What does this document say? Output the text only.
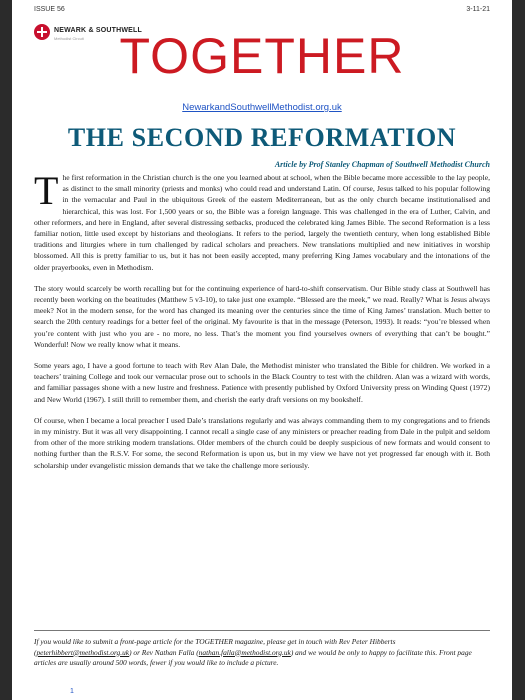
ISSUE 56	3-11-21
NEWARK & SOUTHWELL
Methodist Circuit TOGETHER
NewarkandSouthwellMethodist.org.uk
THE SECOND REFORMATION
Article by Prof Stanley Chapman of Southwell Methodist Church

The first reformation in the Christian church is the one you learned about at school, when the Bible became more accessible to the lay people, as distinct to the small minority (priests and monks) who could read and understand Latin. Of course, Jesus talked to his popular following in the vernacular and Paul in the ubiquitous Greek of the eastern Mediterranean, but as the only church became institutionalised and hierarchical, this was lost. For 1,500 years or so, the Bible was a foreign language. This was challenged in the era of Luther, Calvin, and other reformers, and here in England, after several distressing setbacks, produced the celebrated king James Bible. The second Reformation is a less familiar notion, little used except by historians and theologians. It refers to the period, largely the twentieth century, when long established Bible traditions and liturgies where in turn challenged by radical scholars and preachers. New translations multiplied and new initiatives in worship blossomed. All this is pretty familiar to us, but it has not been easily accepted, many preferring King James vocabulary and the intonations of the older prayerbooks, even in Methodism.

The story would scarcely be worth recalling but for the continuing experience of hard-to-shift conservatism. Our Bible study class at Southwell has recently been working on the beatitudes (Matthew 5 v3-10), to take just one example. “Blessed are the meek,” we read. Really? What is Jesus always meek? Not in the modern sense, for the word has changed its meaning over the centuries since the time of King James’ translation. Much better to search the 20th century readings for a better feel of the original. My favourite is that in the message (Peterson, 1993). It reads: “you’re blessed when you’re content with just who you are - no more, no less. That’s the moment you find yourselves owners of everything that can’t be bought.” Wonderful! Now we really know what it means.

Some years ago, I have a good fortune to teach with Rev Alan Dale, the Methodist minister who translated the Bible for children. We worked in a teachers’ training College and took our vernacular prose out to schools in the Black Country to test with the children. Alan was a wizard with words, and familiar passages shone with a new lustre and freshness. Patience with presently published by Oxford University press on Winding Quest (1972) and New World (1967). I still thrill to remember them, and cherish the early draft versions on my bookshelf.

Of course, when I became a local preacher I used Dale’s translations regularly and was always commanding them to my congregations and to friends in my ministry. But it was all very disappointing. I cannot recall a single case of any ministers or preacher reading from Dale in the pulpit and seldom from other of the more striking modern translations. Older members of the church could be deeply suspicious of new formats and would consent to nothing further than the R.S.V. For some, the second Reformation is upon us, but in my view we have not yet progressed far enough with it. Both scholarship under evangelistic mission demands that we take the challenge more seriously.

If you would like to submit a front-page article for the TOGETHER magazine, please get in touch with Rev Peter Hibberts (peterhibbert@methodist.org.uk) or Rev Nathan Falla (nathan.falla@methodist.org.uk) and we would be only to happy to facilitate this. Front page articles are usually around 500 words, fewer if you would like to include a picture.
1
